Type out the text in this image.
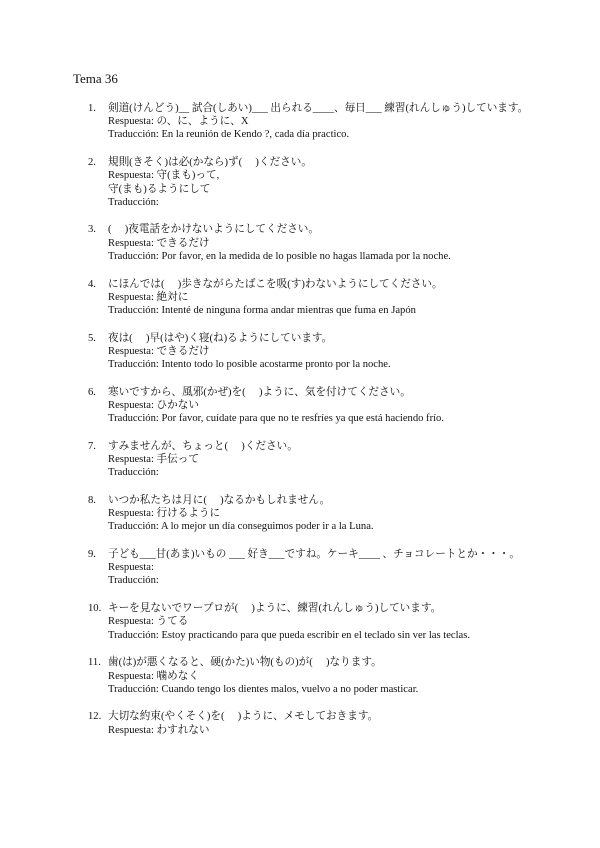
Tema 36
1.	剣道(けんどう)__ 試合(しあい)___ 出られる____、毎日___ 練習(れんしゅう)しています。
Respuesta: の、に、ように、X
Traducción: En la reunión de Kendo ?, cada día practico.
2.	規則(きそく)は必(かなら)ず(　 )ください。
Respuesta: 守(まも)って,
守(まも)るようにして
Traducción:
3.	(　 )夜電話をかけないようにしてください。
Respuesta: できるだけ
Traducción: Por favor, en la medida de lo posible no hagas llamada por la noche.
4.	にほんでは(　 )歩きながらたばこを吸(す)わないようにしてください。
Respuesta: 絶対に
Traducción: Intenté de ninguna forma andar mientras que fuma en Japón
5.	夜は(　 )早(はや)く寝(ね)るようにしています。
Respuesta: できるだけ
Traducción: Intento todo lo posible acostarme pronto por la noche.
6.	寒いですから、風邪(かぜ)を(　 )ように、気を付けてください。
Respuesta: ひかない
Traducción: Por favor, cuídate para que no te resfríes ya que está haciendo frío.
7.	すみませんが、ちょっと(　 )ください。
Respuesta: 手伝って
Traducción:
8.	いつか私たちは月に(　 )なるかもしれません。
Respuesta: 行けるように
Traducción: A lo mejor un día conseguimos poder ir a la Luna.
9.	子ども___甘(あま)いもの ___ 好き___ですね。ケーキ____ 、チョコレートとか・・・。
Respuesta:
Traducción:
10. キーを見ないでワープロが(　 )ように、練習(れんしゅう)しています。
Respuesta: うてる
Traducción: Estoy practicando para que pueda escribir en el teclado sin ver las teclas.
11. 歯(は)が悪くなると、硬(かた)い物(もの)が(　 )なります。
Respuesta: 噛めなく
Traducción: Cuando tengo los dientes malos, vuelvo a no poder masticar.
12. 大切な約束(やくそく)を(　 )ように、メモしておきます。
Respuesta: わすれない
